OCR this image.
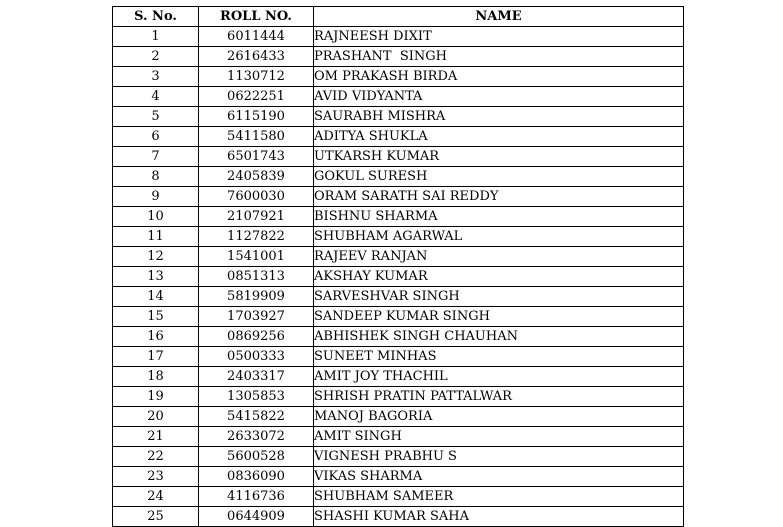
S. No.	ROLL NO.	NAME
1	6011444	RAJNEESH DIXIT
2	2616433	PRASHANT  SINGH
3	1130712	OM PRAKASH BIRDA
4	0622251	AVID VIDYANTA
5	6115190	SAURABH MISHRA
6	5411580	ADITYA SHUKLA
7	6501743	UTKARSH KUMAR
8	2405839	GOKUL SURESH
9	7600030	ORAM SARATH SAI REDDY
10	2107921	BISHNU SHARMA
11	1127822	SHUBHAM AGARWAL
12	1541001	RAJEEV RANJAN
13	0851313	AKSHAY KUMAR
14	5819909	SARVESHVAR SINGH
15	1703927	SANDEEP KUMAR SINGH
16	0869256	ABHISHEK SINGH CHAUHAN
17	0500333	SUNEET MINHAS
18	2403317	AMIT JOY THACHIL
19	1305853	SHRISH PRATIN PATTALWAR
20	5415822	MANOJ BAGORIA
21	2633072	AMIT SINGH
22	5600528	VIGNESH PRABHU S
23	0836090	VIKAS SHARMA
24	4116736	SHUBHAM SAMEER
25	0644909	SHASHI KUMAR SAHA
